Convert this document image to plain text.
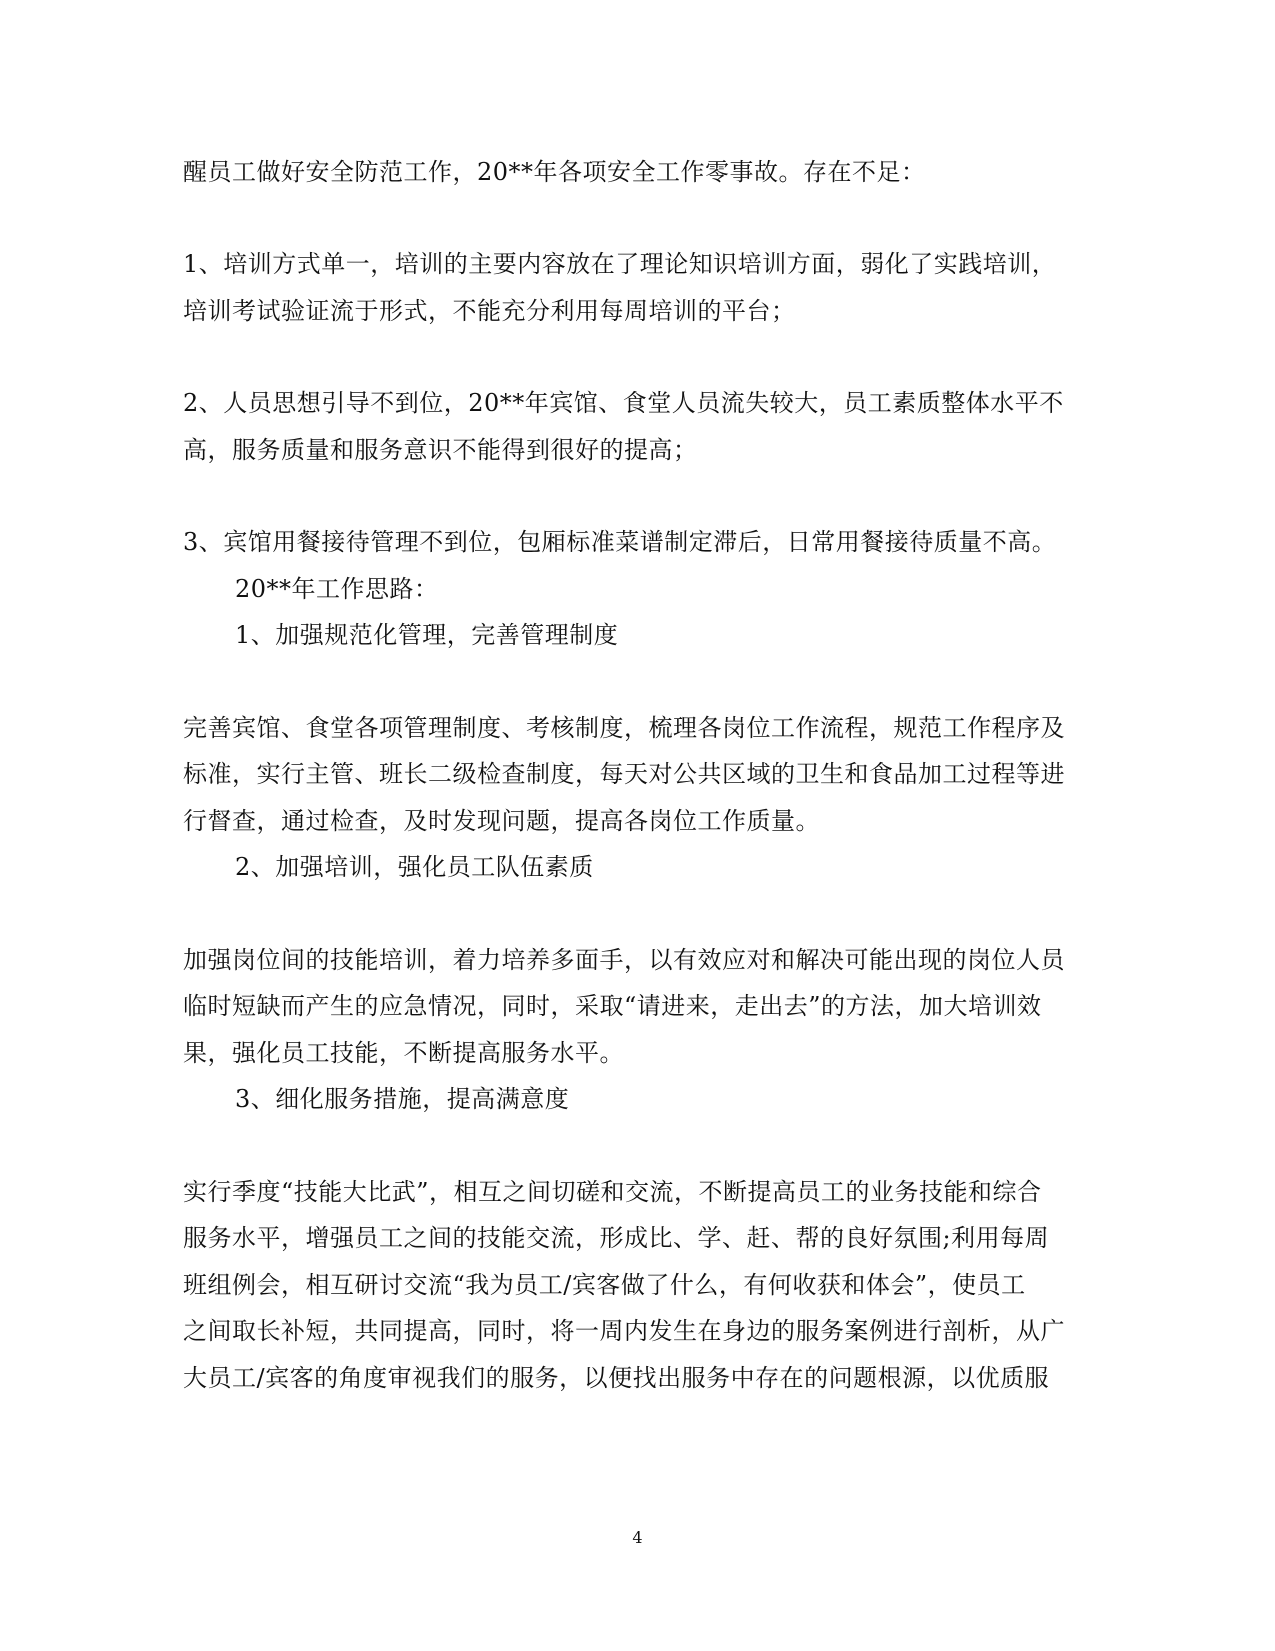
醒员工做好安全防范工作，20**年各项安全工作零事故。存在不足：
1、培训方式单一，培训的主要内容放在了理论知识培训方面，弱化了实践培训，
培训考试验证流于形式，不能充分利用每周培训的平台；
2、人员思想引导不到位，20**年宾馆、食堂人员流失较大，员工素质整体水平不
高，服务质量和服务意识不能得到很好的提高；
3、宾馆用餐接待管理不到位，包厢标准菜谱制定滞后，日常用餐接待质量不高。
20**年工作思路：
1、加强规范化管理，完善管理制度
完善宾馆、食堂各项管理制度、考核制度，梳理各岗位工作流程，规范工作程序及
标准，实行主管、班长二级检查制度，每天对公共区域的卫生和食品加工过程等进
行督查，通过检查，及时发现问题，提高各岗位工作质量。
2、加强培训，强化员工队伍素质
加强岗位间的技能培训，着力培养多面手，以有效应对和解决可能出现的岗位人员
临时短缺而产生的应急情况，同时，采取“请进来，走出去”的方法，加大培训效
果，强化员工技能，不断提高服务水平。
3、细化服务措施，提高满意度
实行季度“技能大比武”，相互之间切磋和交流，不断提高员工的业务技能和综合
服务水平，增强员工之间的技能交流，形成比、学、赶、帮的良好氛围;利用每周
班组例会，相互研讨交流“我为员工/宾客做了什么，有何收获和体会”，使员工
之间取长补短，共同提高，同时，将一周内发生在身边的服务案例进行剖析，从广
大员工/宾客的角度审视我们的服务，以便找出服务中存在的问题根源，以优质服
4
